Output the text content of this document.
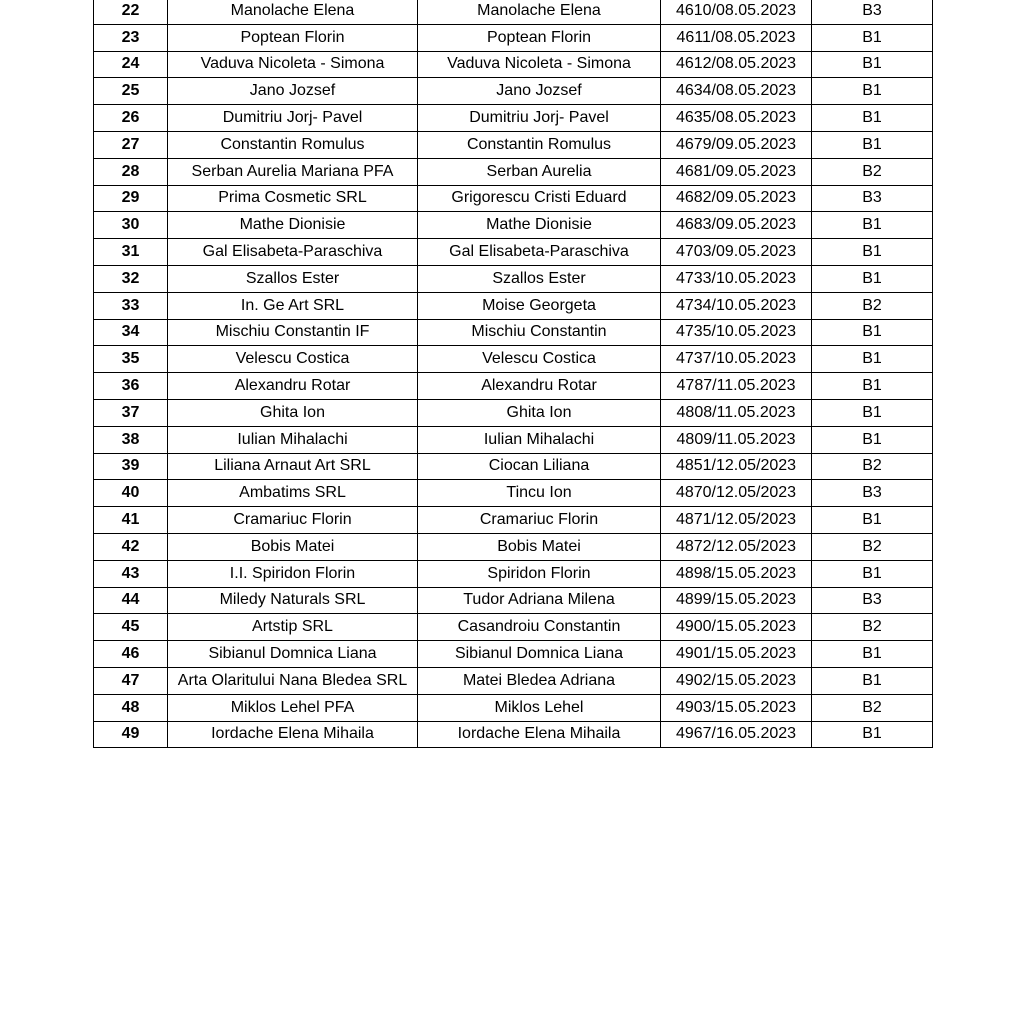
22	Manolache Elena	Manolache Elena	4610/08.05.2023	B3
23	Poptean Florin	Poptean Florin	4611/08.05.2023	B1
24	Vaduva Nicoleta - Simona	Vaduva Nicoleta - Simona	4612/08.05.2023	B1
25	Jano Jozsef	Jano Jozsef	4634/08.05.2023	B1
26	Dumitriu Jorj- Pavel	Dumitriu Jorj- Pavel	4635/08.05.2023	B1
27	Constantin Romulus	Constantin Romulus	4679/09.05.2023	B1
28	Serban Aurelia Mariana PFA	Serban Aurelia	4681/09.05.2023	B2
29	Prima Cosmetic SRL	Grigorescu Cristi Eduard	4682/09.05.2023	B3
30	Mathe Dionisie	Mathe Dionisie	4683/09.05.2023	B1
31	Gal Elisabeta-Paraschiva	Gal Elisabeta-Paraschiva	4703/09.05.2023	B1
32	Szallos Ester	Szallos Ester	4733/10.05.2023	B1
33	In. Ge Art SRL	Moise Georgeta	4734/10.05.2023	B2
34	Mischiu Constantin IF	Mischiu Constantin	4735/10.05.2023	B1
35	Velescu Costica	Velescu Costica	4737/10.05.2023	B1
36	Alexandru Rotar	Alexandru Rotar	4787/11.05.2023	B1
37	Ghita Ion	Ghita Ion	4808/11.05.2023	B1
38	Iulian Mihalachi	Iulian Mihalachi	4809/11.05.2023	B1
39	Liliana Arnaut Art SRL	Ciocan Liliana	4851/12.05/2023	B2
40	Ambatims SRL	Tincu Ion	4870/12.05/2023	B3
41	Cramariuc Florin	Cramariuc Florin	4871/12.05/2023	B1
42	Bobis Matei	Bobis Matei	4872/12.05/2023	B2
43	I.I. Spiridon Florin	Spiridon Florin	4898/15.05.2023	B1
44	Miledy Naturals SRL	Tudor Adriana Milena	4899/15.05.2023	B3
45	Artstip SRL	Casandroiu Constantin	4900/15.05.2023	B2
46	Sibianul Domnica Liana	Sibianul Domnica Liana	4901/15.05.2023	B1
47	Arta Olaritului Nana Bledea SRL	Matei Bledea Adriana	4902/15.05.2023	B1
48	Miklos Lehel PFA	Miklos Lehel	4903/15.05.2023	B2
49	Iordache Elena Mihaila	Iordache Elena Mihaila	4967/16.05.2023	B1
